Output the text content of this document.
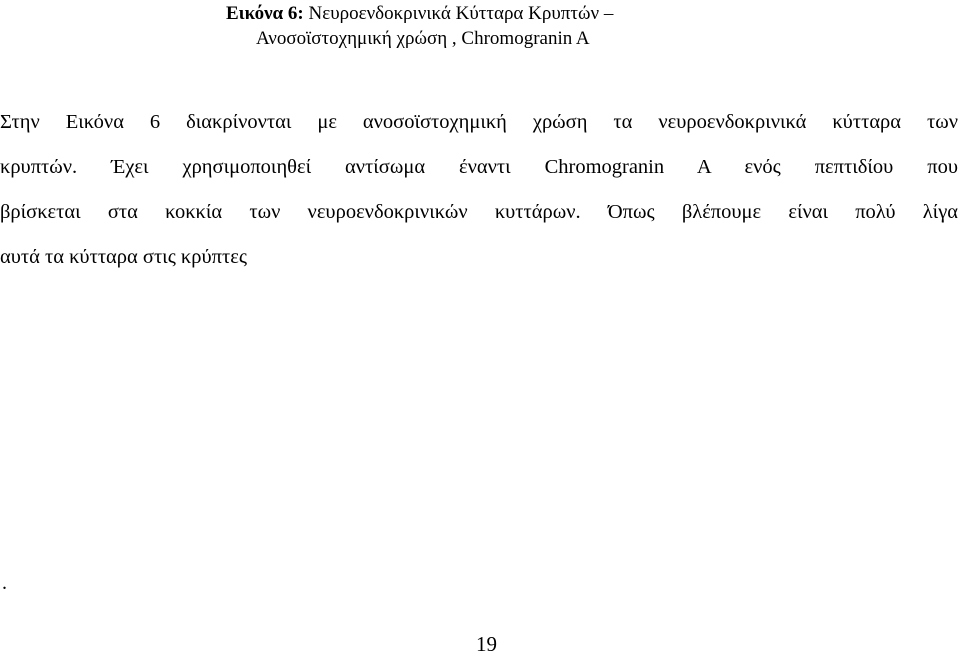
Εικόνα 6: Νευροενδοκρινικά Κύτταρα Κρυπτών –
Ανοσοϊστοχημική χρώση , Chromogranin A
Στην Εικόνα 6 διακρίνονται με ανοσοϊστοχημική χρώση τα νευροενδοκρινικά κύτταρα των
κρυπτών. Έχει χρησιμοποιηθεί αντίσωμα έναντι Chromogranin A ενός πεπτιδίου που
βρίσκεται στα κοκκία των νευροενδοκρινικών κυττάρων. Όπως βλέπουμε είναι πολύ λίγα
αυτά τα κύτταρα στις κρύπτες
.
19
